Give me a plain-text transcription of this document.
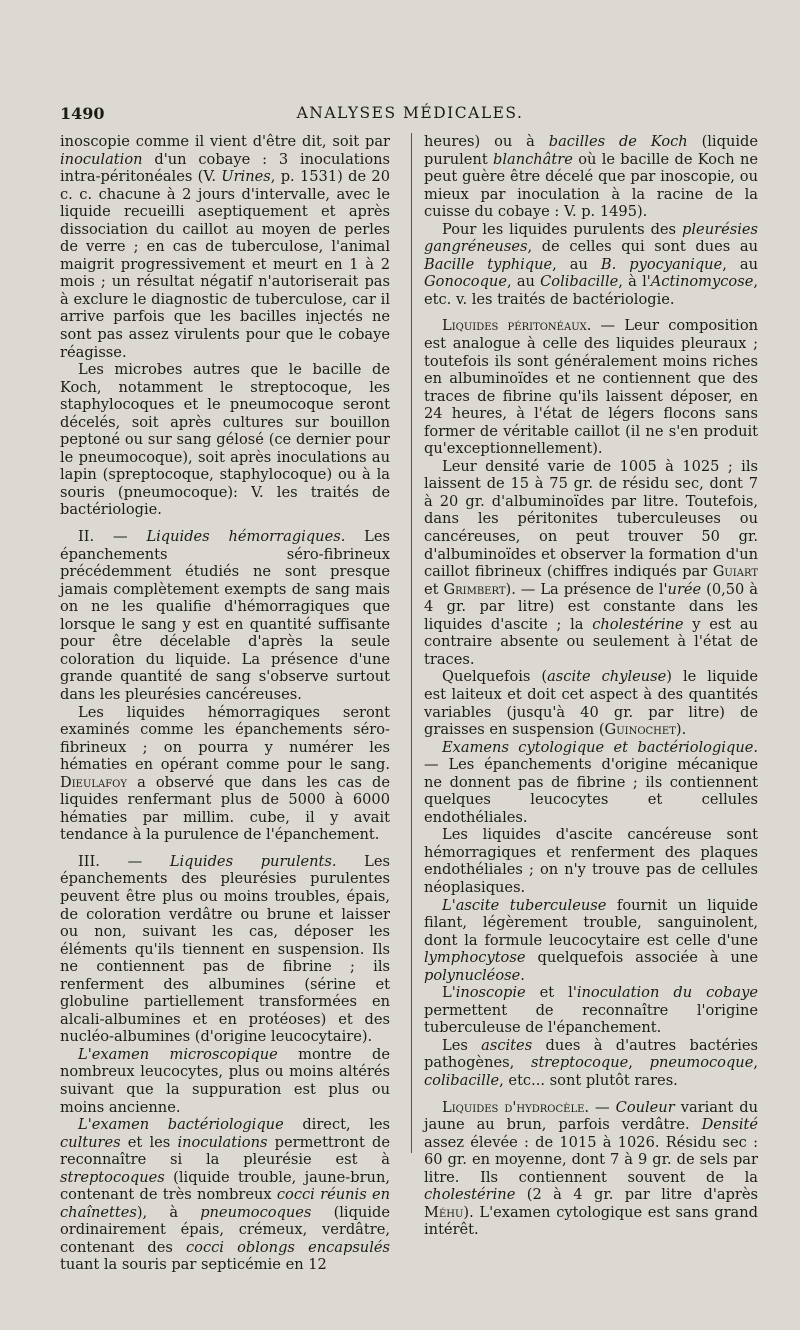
1490	ANALYSES MÉDICALES.

inoscopie comme il vient d'être dit, soit par inoculation d'un cobaye : 3 inoculations intra-péritonéales (V. Urines, p. 1531) de 20 c. c. chacune à 2 jours d'intervalle, avec le liquide recueilli aseptiquement et après dissociation du caillot au moyen de perles de verre ; en cas de tuberculose, l'animal maigrit progressivement et meurt en 1 à 2 mois ; un résultat négatif n'autoriserait pas à exclure le diagnostic de tuberculose, car il arrive parfois que les bacilles injectés ne sont pas assez virulents pour que le cobaye réagisse.

Les microbes autres que le bacille de Koch, notamment le streptocoque, les staphylocoques et le pneumocoque seront décelés, soit après cultures sur bouillon peptoné ou sur sang gélosé (ce dernier pour le pneumocoque), soit après inoculations au lapin (spreptocoque, staphylocoque) ou à la souris (pneumocoque): V. les traités de bactériologie.

II. — Liquides hémorragiques. Les épanchements séro-fibrineux précédemment étudiés ne sont presque jamais complètement exempts de sang mais on ne les qualifie d'hémorragiques que lorsque le sang y est en quantité suffisante pour être décelable d'après la seule coloration du liquide. La présence d'une grande quantité de sang s'observe surtout dans les pleurésies cancéreuses.

Les liquides hémorragiques seront examinés comme les épanchements séro-fibrineux ; on pourra y numérer les hématies en opérant comme pour le sang. Dieulafoy a observé que dans les cas de liquides renfermant plus de 5000 à 6000 hématies par millim. cube, il y avait tendance à la purulence de l'épanchement.

III. — Liquides purulents. Les épanchements des pleurésies purulentes peuvent être plus ou moins troubles, épais, de coloration verdâtre ou brune et laisser ou non, suivant les cas, déposer les éléments qu'ils tiennent en suspension. Ils ne contiennent pas de fibrine ; ils renferment des albumines (sérine et globuline partiellement transformées en alcali-albumines et en protéoses) et des nucléo-albumines (d'origine leucocytaire).

L'examen microscopique montre de nombreux leucocytes, plus ou moins altérés suivant que la suppuration est plus ou moins ancienne.

L'examen bactériologique direct, les cultures et les inoculations permettront de reconnaître si la pleurésie est à streptocoques (liquide trouble, jaune-brun, contenant de très nombreux cocci réunis en chaînettes), à pneumocoques (liquide ordinairement épais, crémeux, verdâtre, contenant des cocci oblongs encapsulés tuant la souris par septicémie en 12

heures) ou à bacilles de Koch (liquide purulent blanchâtre où le bacille de Koch ne peut guère être décelé que par inoscopie, ou mieux par inoculation à la racine de la cuisse du cobaye : V. p. 1495).

Pour les liquides purulents des pleurésies gangréneuses, de celles qui sont dues au Bacille typhique, au B. pyocyanique, au Gonocoque, au Colibacille, à l'Actinomycose, etc. v. les traités de bactériologie.

Liquides péritonéaux. — Leur composition est analogue à celle des liquides pleuraux ; toutefois ils sont généralement moins riches en albuminoïdes et ne contiennent que des traces de fibrine qu'ils laissent déposer, en 24 heures, à l'état de légers flocons sans former de véritable caillot (il ne s'en produit qu'exceptionnellement).

Leur densité varie de 1005 à 1025 ; ils laissent de 15 à 75 gr. de résidu sec, dont 7 à 20 gr. d'albuminoïdes par litre. Toutefois, dans les péritonites tuberculeuses ou cancéreuses, on peut trouver 50 gr. d'albuminoïdes et observer la formation d'un caillot fibrineux (chiffres indiqués par Guiart et Grimbert). — La présence de l'urée (0,50 à 4 gr. par litre) est constante dans les liquides d'ascite ; la cholestérine y est au contraire absente ou seulement à l'état de traces.

Quelquefois (ascite chyleuse) le liquide est laiteux et doit cet aspect à des quantités variables (jusqu'à 40 gr. par litre) de graisses en suspension (Guinochet).

Examens cytologique et bactériologique. — Les épanchements d'origine mécanique ne donnent pas de fibrine ; ils contiennent quelques leucocytes et cellules endothéliales.

Les liquides d'ascite cancéreuse sont hémorragiques et renferment des plaques endothéliales ; on n'y trouve pas de cellules néoplasiques.

L'ascite tuberculeuse fournit un liquide filant, légèrement trouble, sanguinolent, dont la formule leucocytaire est celle d'une lymphocytose quelquefois associée à une polynucléose.

L'inoscopie et l'inoculation du cobaye permettent de reconnaître l'origine tuberculeuse de l'épanchement.

Les ascites dues à d'autres bactéries pathogènes, streptocoque, pneumocoque, colibacille, etc... sont plutôt rares.

Liquides d'hydrocèle. — Couleur variant du jaune au brun, parfois verdâtre. Densité assez élevée : de 1015 à 1026. Résidu sec : 60 gr. en moyenne, dont 7 à 9 gr. de sels par litre. Ils contiennent souvent de la cholestérine (2 à 4 gr. par litre d'après Méhu). L'examen cytologique est sans grand intérêt.
